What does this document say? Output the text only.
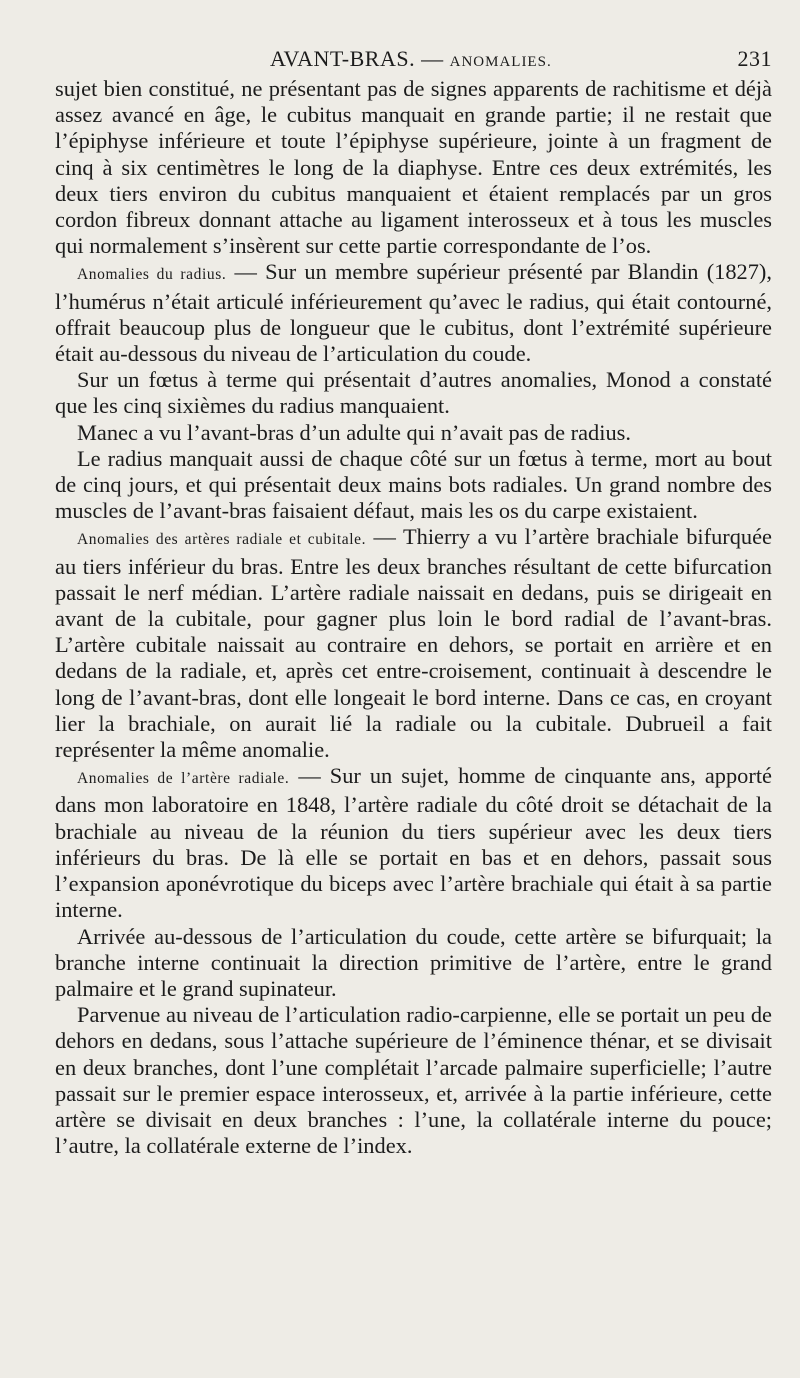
AVANT-BRAS. — ANOMALIES.	231

sujet bien constitué, ne présentant pas de signes apparents de rachitisme et déjà assez avancé en âge, le cubitus manquait en grande partie; il ne restait que l’épiphyse inférieure et toute l’épiphyse supérieure, jointe à un fragment de cinq à six centimètres le long de la diaphyse. Entre ces deux extrémités, les deux tiers environ du cubitus manquaient et étaient remplacés par un gros cordon fibreux donnant attache au ligament interosseux et à tous les muscles qui normalement s’insèrent sur cette partie correspondante de l’os.

Anomalies du radius. — Sur un membre supérieur présenté par Blandin (1827), l’humérus n’était articulé inférieurement qu’avec le radius, qui était contourné, offrait beaucoup plus de longueur que le cubitus, dont l’extrémité supérieure était au-dessous du niveau de l’articulation du coude.

Sur un fœtus à terme qui présentait d’autres anomalies, Monod a constaté que les cinq sixièmes du radius manquaient.

Manec a vu l’avant-bras d’un adulte qui n’avait pas de radius.

Le radius manquait aussi de chaque côté sur un fœtus à terme, mort au bout de cinq jours, et qui présentait deux mains bots radiales. Un grand nombre des muscles de l’avant-bras faisaient défaut, mais les os du carpe existaient.

Anomalies des artères radiale et cubitale. — Thierry a vu l’artère brachiale bifurquée au tiers inférieur du bras. Entre les deux branches résultant de cette bifurcation passait le nerf médian. L’artère radiale naissait en dedans, puis se dirigeait en avant de la cubitale, pour gagner plus loin le bord radial de l’avant-bras. L’artère cubitale naissait au contraire en dehors, se portait en arrière et en dedans de la radiale, et, après cet entre-croisement, continuait à descendre le long de l’avant-bras, dont elle longeait le bord interne. Dans ce cas, en croyant lier la brachiale, on aurait lié la radiale ou la cubitale. Dubrueil a fait représenter la même anomalie.

Anomalies de l’artère radiale. — Sur un sujet, homme de cinquante ans, apporté dans mon laboratoire en 1848, l’artère radiale du côté droit se détachait de la brachiale au niveau de la réunion du tiers supérieur avec les deux tiers inférieurs du bras. De là elle se portait en bas et en dehors, passait sous l’expansion aponévrotique du biceps avec l’artère brachiale qui était à sa partie interne.

Arrivée au-dessous de l’articulation du coude, cette artère se bifurquait; la branche interne continuait la direction primitive de l’artère, entre le grand palmaire et le grand supinateur.

Parvenue au niveau de l’articulation radio-carpienne, elle se portait un peu de dehors en dedans, sous l’attache supérieure de l’éminence thénar, et se divisait en deux branches, dont l’une complétait l’arcade palmaire superficielle; l’autre passait sur le premier espace interosseux, et, arrivée à la partie inférieure, cette artère se divisait en deux branches : l’une, la collatérale interne du pouce; l’autre, la collatérale externe de l’index.
